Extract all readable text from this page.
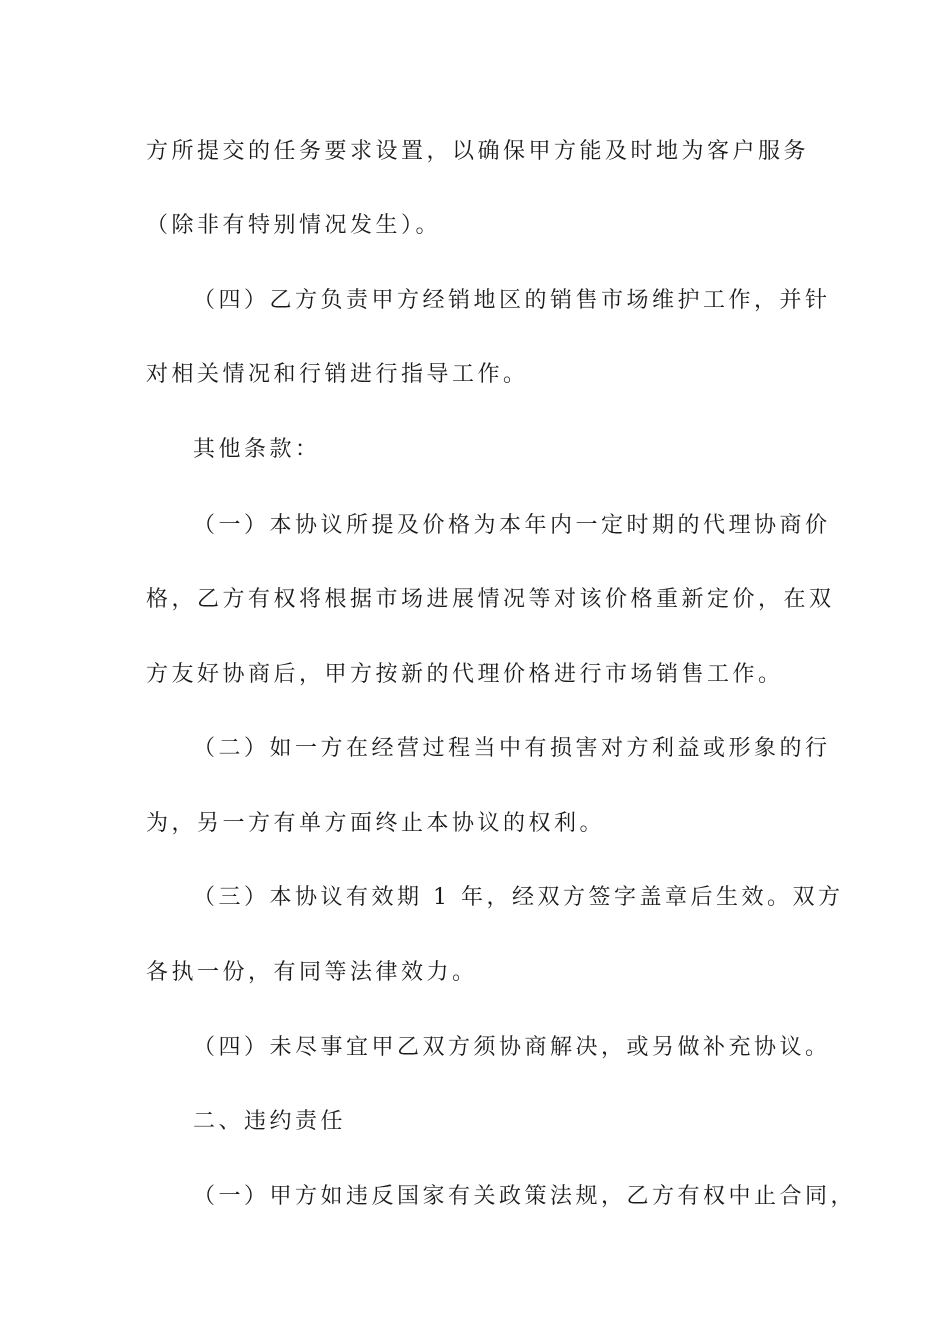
方所提交的任务要求设置，以确保甲方能及时地为客户服务
（除非有特别情况发生）。
（四）乙方负责甲方经销地区的销售市场维护工作，并针
对相关情况和行销进行指导工作。
其他条款：
（一）本协议所提及价格为本年内一定时期的代理协商价
格，乙方有权将根据市场进展情况等对该价格重新定价，在双
方友好协商后，甲方按新的代理价格进行市场销售工作。
（二）如一方在经营过程当中有损害对方利益或形象的行
为，另一方有单方面终止本协议的权利。
（三）本协议有效期 1 年，经双方签字盖章后生效。双方
各执一份，有同等法律效力。
（四）未尽事宜甲乙双方须协商解决，或另做补充协议。
二、违约责任
（一）甲方如违反国家有关政策法规，乙方有权中止合同，
